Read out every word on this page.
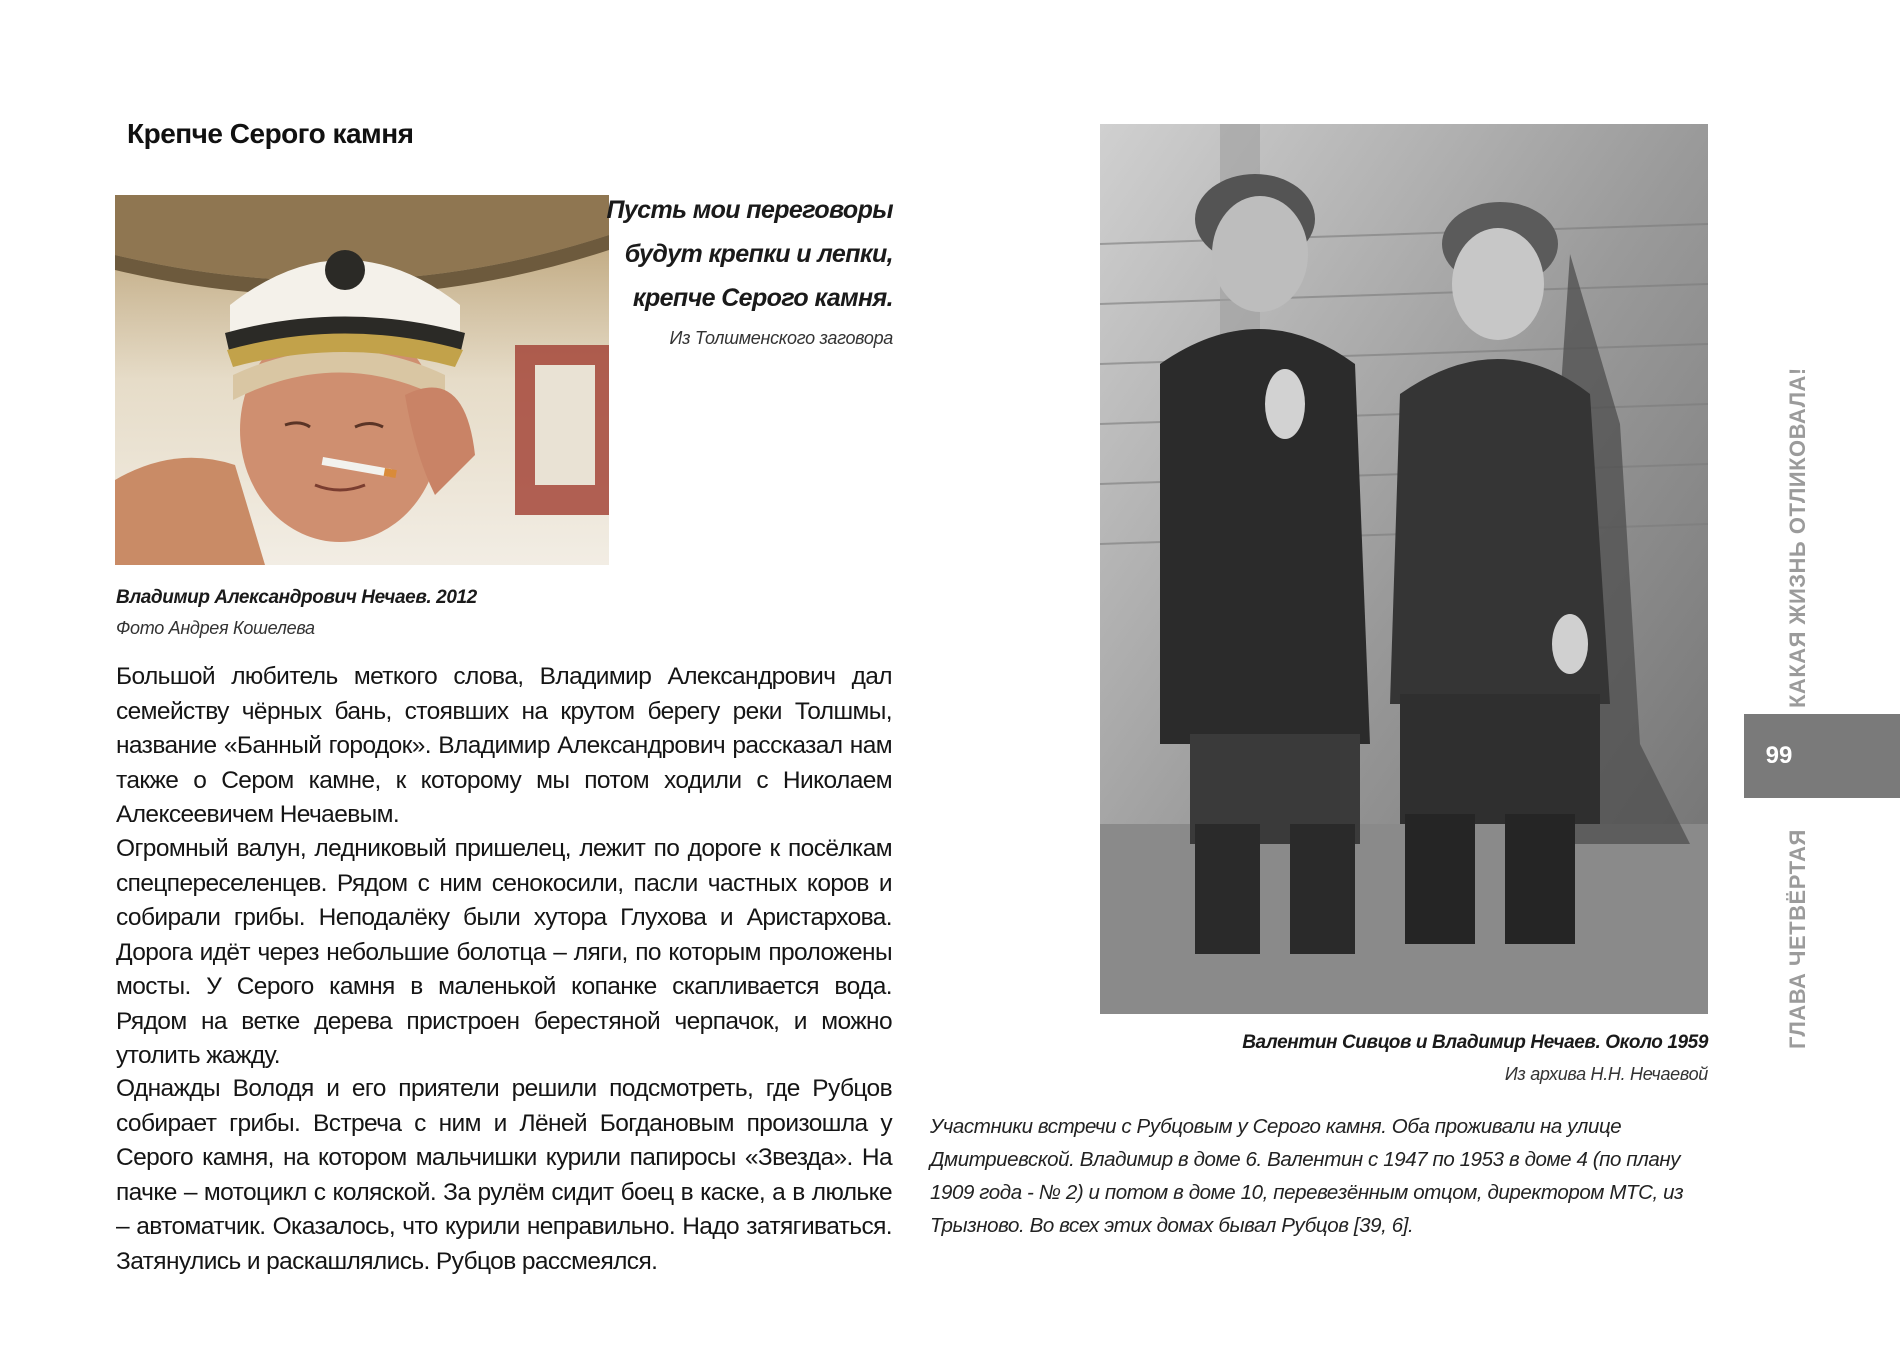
Крепче Серого камня
CAPTAIN
Пусть мои переговоры
будут крепки и лепки,
крепче Серого камня.
Из Толшменского заговора
Владимир Александрович Нечаев. 2012
Фото Андрея Кошелева
Большой любитель меткого слова, Владимир Александрович дал семейству чёрных бань, стоявших на крутом берегу реки Толшмы, название «Банный городок». Владимир Александрович рассказал нам также о Сером камне, к которому мы потом ходили с Николаем Алексеевичем Нечаевым.
Огромный валун, ледниковый пришелец, лежит по дороге к посёлкам спецпереселенцев. Рядом с ним сенокосили, пасли частных коров и собирали грибы. Неподалёку были хутора Глухова и Аристархова. Дорога идёт через небольшие болотца – ляги, по которым проложены мосты. У Серого камня в маленькой копанке скапливается вода. Рядом на ветке дерева пристроен берестяной черпачок, и можно утолить жажду.
Однажды Володя и его приятели решили подсмотреть, где Рубцов собирает грибы. Встреча с ним и Лёней Богдановым произошла у Серого камня, на котором мальчишки курили папиросы «Звезда». На пачке – мотоцикл с коляской. За рулём сидит боец в каске, а в люльке – автоматчик. Оказалось, что курили неправильно. Надо затягиваться. Затянулись и раскашлялись. Рубцов рассмеялся.
Валентин Сивцов и Владимир Нечаев. Около 1959
Из архива Н.Н. Нечаевой
Участники встречи с Рубцовым у Серого камня. Оба проживали на улице Дмитриевской. Владимир в доме 6. Валентин с 1947 по 1953 в доме 4 (по плану 1909 года - № 2) и потом в доме 10, перевезённым отцом, директором МТС, из Трызново. Во всех этих домах бывал Рубцов [39, 6].
99
КАКАЯ ЖИЗНЬ ОТЛИКОВАЛА!
ГЛАВА ЧЕТВЁРТАЯ
